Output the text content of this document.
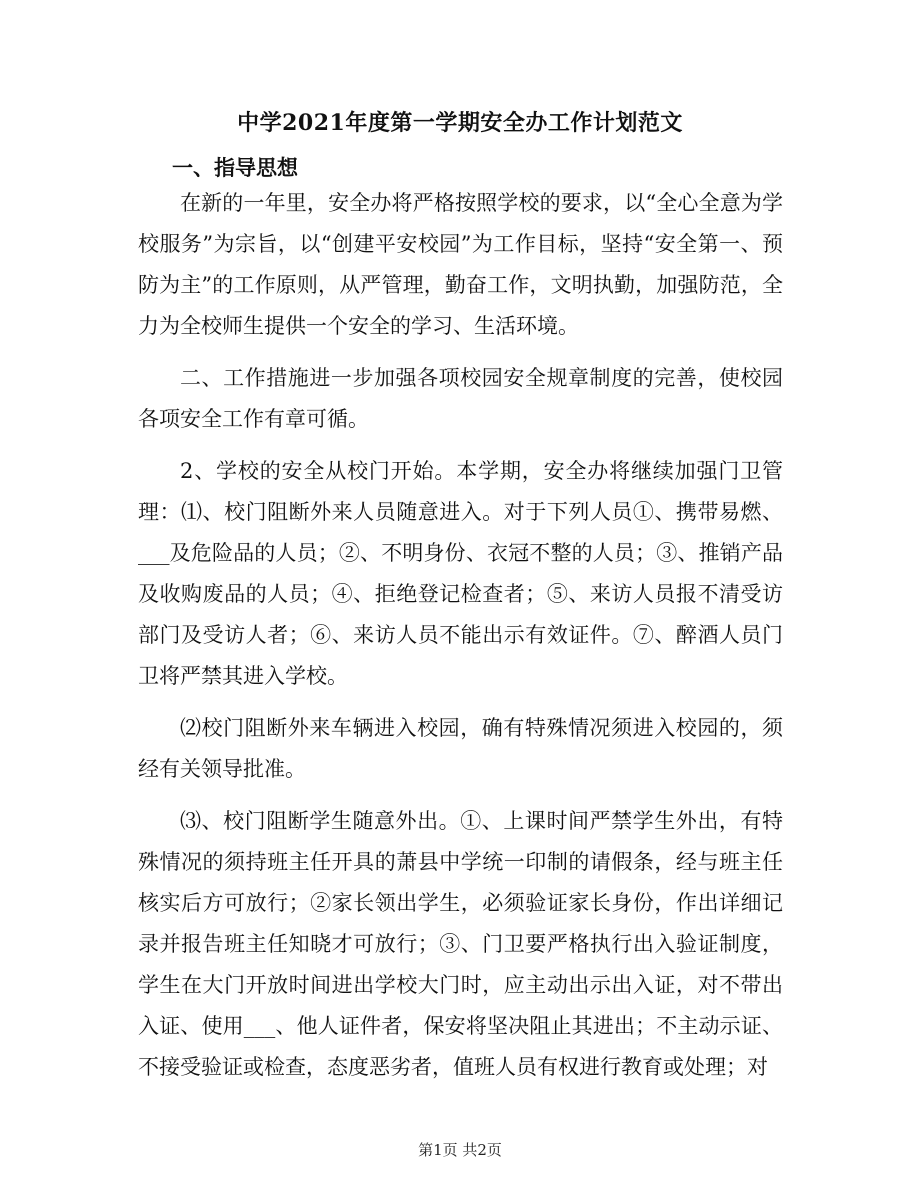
中学2021年度第一学期安全办工作计划范文
一、指导思想

在新的一年里，安全办将严格按照学校的要求，以“全心全意为学校服务”为宗旨，以“创建平安校园”为工作目标，坚持“安全第一、预防为主”的工作原则，从严管理，勤奋工作，文明执勤，加强防范，全力为全校师生提供一个安全的学习、生活环境。

二、工作措施进一步加强各项校园安全规章制度的完善，使校园各项安全工作有章可循。

2、学校的安全从校门开始。本学期，安全办将继续加强门卫管理：⑴、校门阻断外来人员随意进入。对于下列人员①、携带易燃、___及危险品的人员；②、不明身份、衣冠不整的人员；③、推销产品及收购废品的人员；④、拒绝登记检查者；⑤、来访人员报不清受访部门及受访人者；⑥、来访人员不能出示有效证件。⑦、醉酒人员门卫将严禁其进入学校。

⑵校门阻断外来车辆进入校园，确有特殊情况须进入校园的，须经有关领导批准。

⑶、校门阻断学生随意外出。①、上课时间严禁学生外出，有特殊情况的须持班主任开具的萧县中学统一印制的请假条，经与班主任核实后方可放行；②家长领出学生，必须验证家长身份，作出详细记录并报告班主任知晓才可放行；③、门卫要严格执行出入验证制度，学生在大门开放时间进出学校大门时，应主动出示出入证，对不带出入证、使用___、他人证件者，保安将坚决阻止其进出；不主动示证、不接受验证或检查，态度恶劣者，值班人员有权进行教育或处理；对

第1页 共2页
